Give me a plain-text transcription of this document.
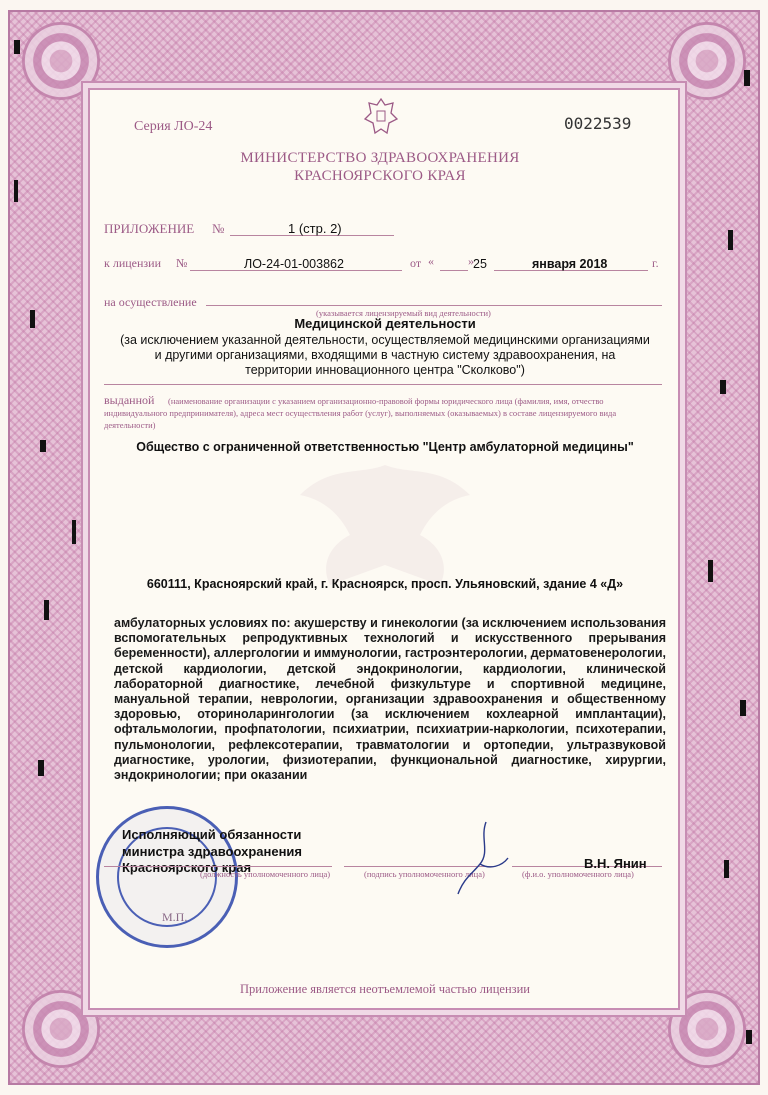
Серия ЛО-24	0022539
МИНИСТЕРСТВО ЗДРАВООХРАНЕНИЯ
КРАСНОЯРСКОГО КРАЯ
ПРИЛОЖЕНИЕ №	1 (стр. 2)
к лицензии №	ЛО-24-01-003862	от «	» 25	января 2018	г.
на осуществление
(указывается лицензируемый вид деятельности)
Медицинской деятельности
(за исключением указанной деятельности, осуществляемой медицинскими организациями
и другими организациями, входящими в частную систему здравоохранения, на
территории инновационного центра "Сколково")
выданной (наименование организации с указанием организационно-правовой формы юридического лица (фамилия, имя, отчество
индивидуального предпринимателя), адреса мест осуществления работ (услуг), выполняемых (оказываемых) в составе лицензируемого вида
деятельности)
Общество с ограниченной ответственностью "Центр амбулаторной медицины"
660111, Красноярский край, г. Красноярск, просп. Ульяновский, здание 4 «Д»
амбулаторных условиях по: акушерству и гинекологии (за исключением использования вспомогательных репродуктивных технологий и искусственного прерывания беременности), аллергологии и иммунологии, гастроэнтерологии, дерматовенерологии, детской кардиологии, детской эндокринологии, кардиологии, клинической лабораторной диагностике, лечебной физкультуре и спортивной медицине, мануальной терапии, неврологии, организации здравоохранения и общественному здоровью, оториноларингологии (за исключением кохлеарной имплантации), офтальмологии, профпатологии, психиатрии, психиатрии-наркологии, психотерапии, пульмонологии, рефлексотерапии, травматологии и ортопедии, ультразвуковой диагностике, урологии, физиотерапии, функциональной диагностике, хирургии, эндокринологии; при оказании
Исполняющий обязанности
министра здравоохранения
Красноярского края
(должность уполномоченного лица)	(подпись уполномоченного лица)	(ф.и.о. уполномоченного лица)
В.Н. Янин
М.П.
Приложение является неотъемлемой частью лицензии
